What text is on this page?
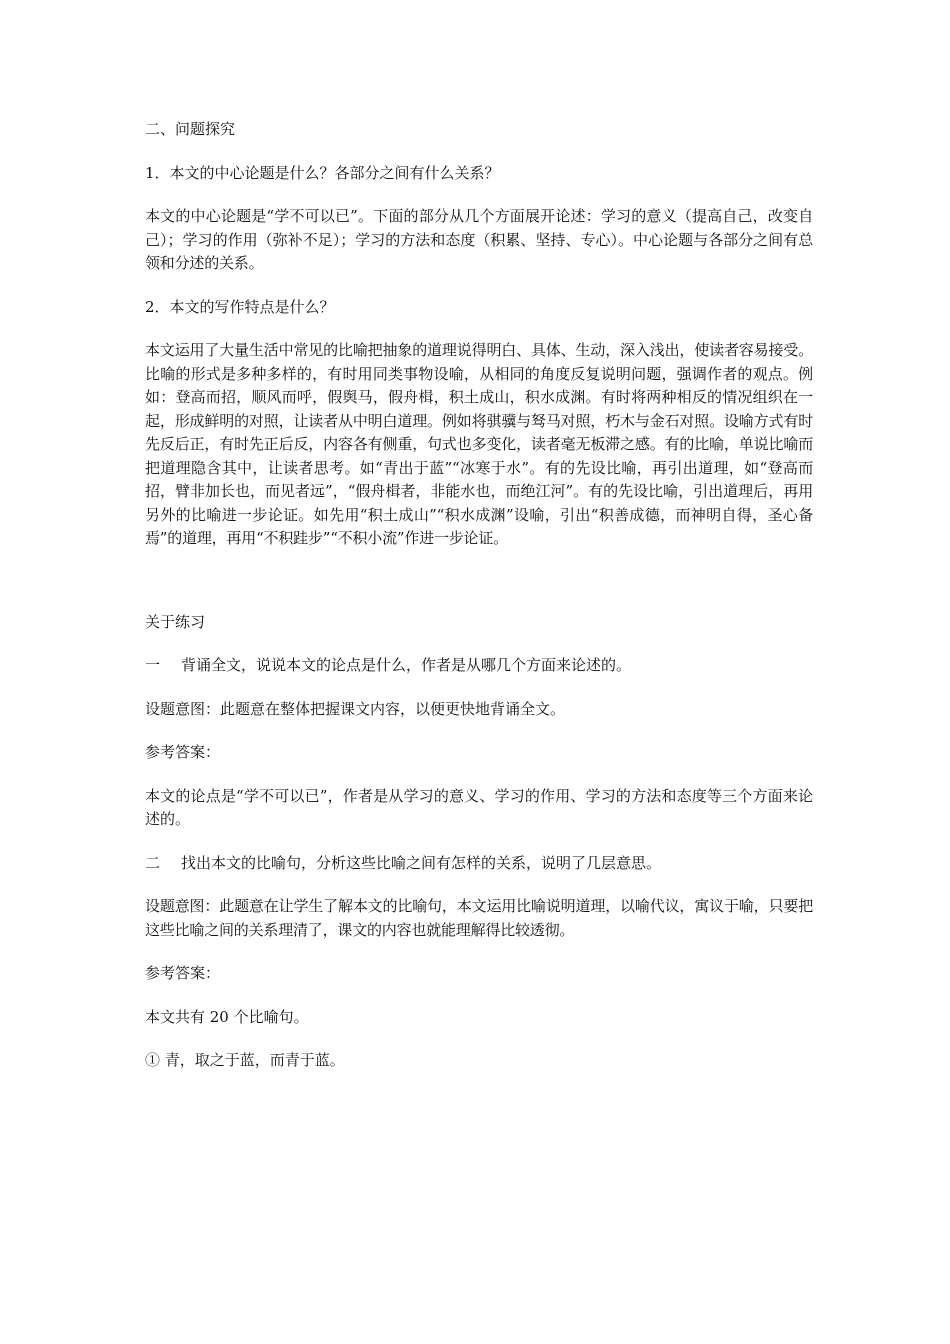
二、问题探究

1．本文的中心论题是什么？各部分之间有什么关系？

本文的中心论题是“学不可以已”。下面的部分从几个方面展开论述：学习的意义（提高自己，改变自己）；学习的作用（弥补不足）；学习的方法和态度（积累、坚持、专心）。中心论题与各部分之间有总领和分述的关系。

2．本文的写作特点是什么？

本文运用了大量生活中常见的比喻把抽象的道理说得明白、具体、生动，深入浅出，使读者容易接受。比喻的形式是多种多样的，有时用同类事物设喻，从相同的角度反复说明问题，强调作者的观点。例如：登高而招，顺风而呼，假舆马，假舟楫，积土成山，积水成渊。有时将两种相反的情况组织在一起，形成鲜明的对照，让读者从中明白道理。例如将骐骥与驽马对照，朽木与金石对照。设喻方式有时先反后正，有时先正后反，内容各有侧重，句式也多变化，读者毫无板滞之感。有的比喻，单说比喻而把道理隐含其中，让读者思考。如“青出于蓝”“冰寒于水”。有的先设比喻，再引出道理，如“登高而招，臂非加长也，而见者远”，“假舟楫者，非能水也，而绝江河”。有的先设比喻，引出道理后，再用另外的比喻进一步论证。如先用“积土成山”“积水成渊”设喻，引出“积善成德，而神明自得，圣心备焉”的道理，再用“不积跬步”“不积小流”作进一步论证。

关于练习

一 背诵全文，说说本文的论点是什么，作者是从哪几个方面来论述的。

设题意图：此题意在整体把握课文内容，以便更快地背诵全文。

参考答案：

本文的论点是“学不可以已”，作者是从学习的意义、学习的作用、学习的方法和态度等三个方面来论述的。

二 找出本文的比喻句，分析这些比喻之间有怎样的关系，说明了几层意思。

设题意图：此题意在让学生了解本文的比喻句，本文运用比喻说明道理，以喻代议，寓议于喻，只要把这些比喻之间的关系理清了，课文的内容也就能理解得比较透彻。

参考答案：

本文共有 20 个比喻句。

① 青，取之于蓝，而青于蓝。
